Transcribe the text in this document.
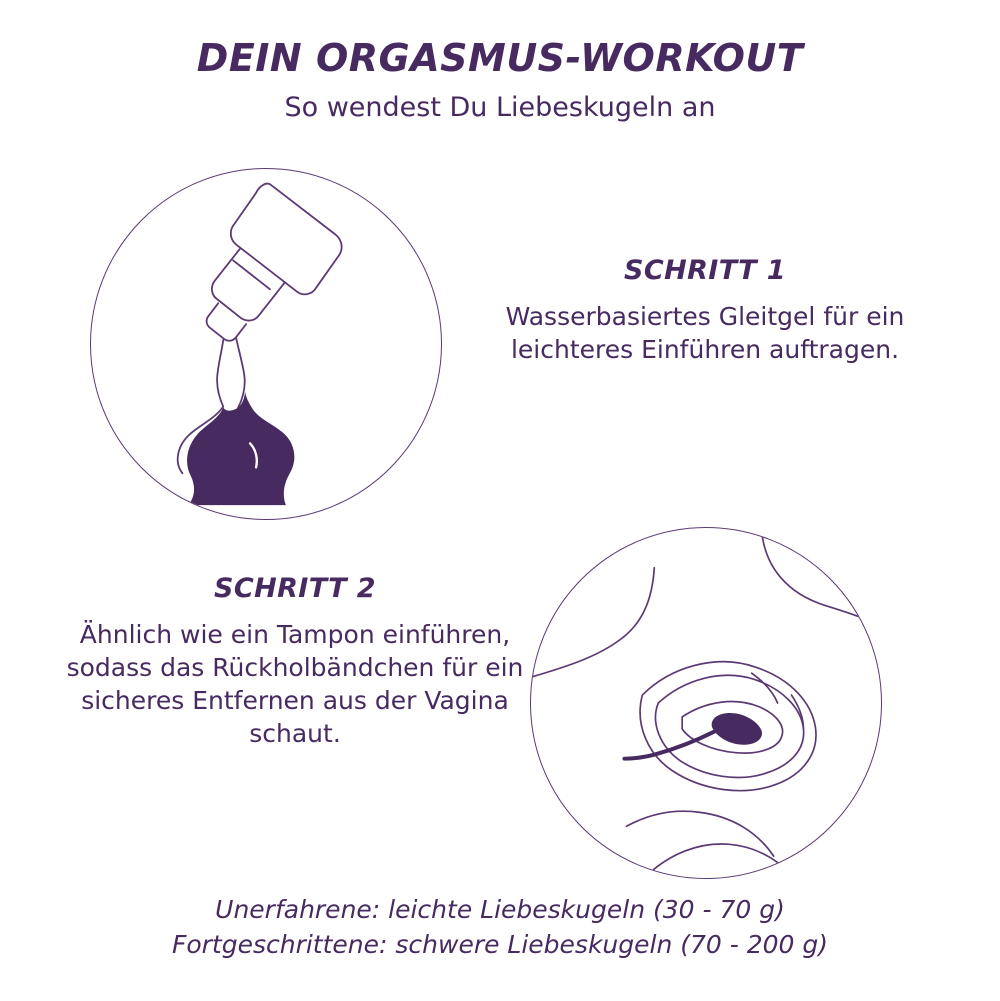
DEIN ORGASMUS-WORKOUT
So wendest Du Liebeskugeln an
SCHRITT 1
Wasserbasiertes Gleitgel für ein leichteres Einführen auftragen.
SCHRITT 2
Ähnlich wie ein Tampon einführen, sodass das Rückholbändchen für ein sicheres Entfernen aus der Vagina schaut.
Unerfahrene: leichte Liebeskugeln (30 - 70 g)
Fortgeschrittene: schwere Liebeskugeln (70 - 200 g)
